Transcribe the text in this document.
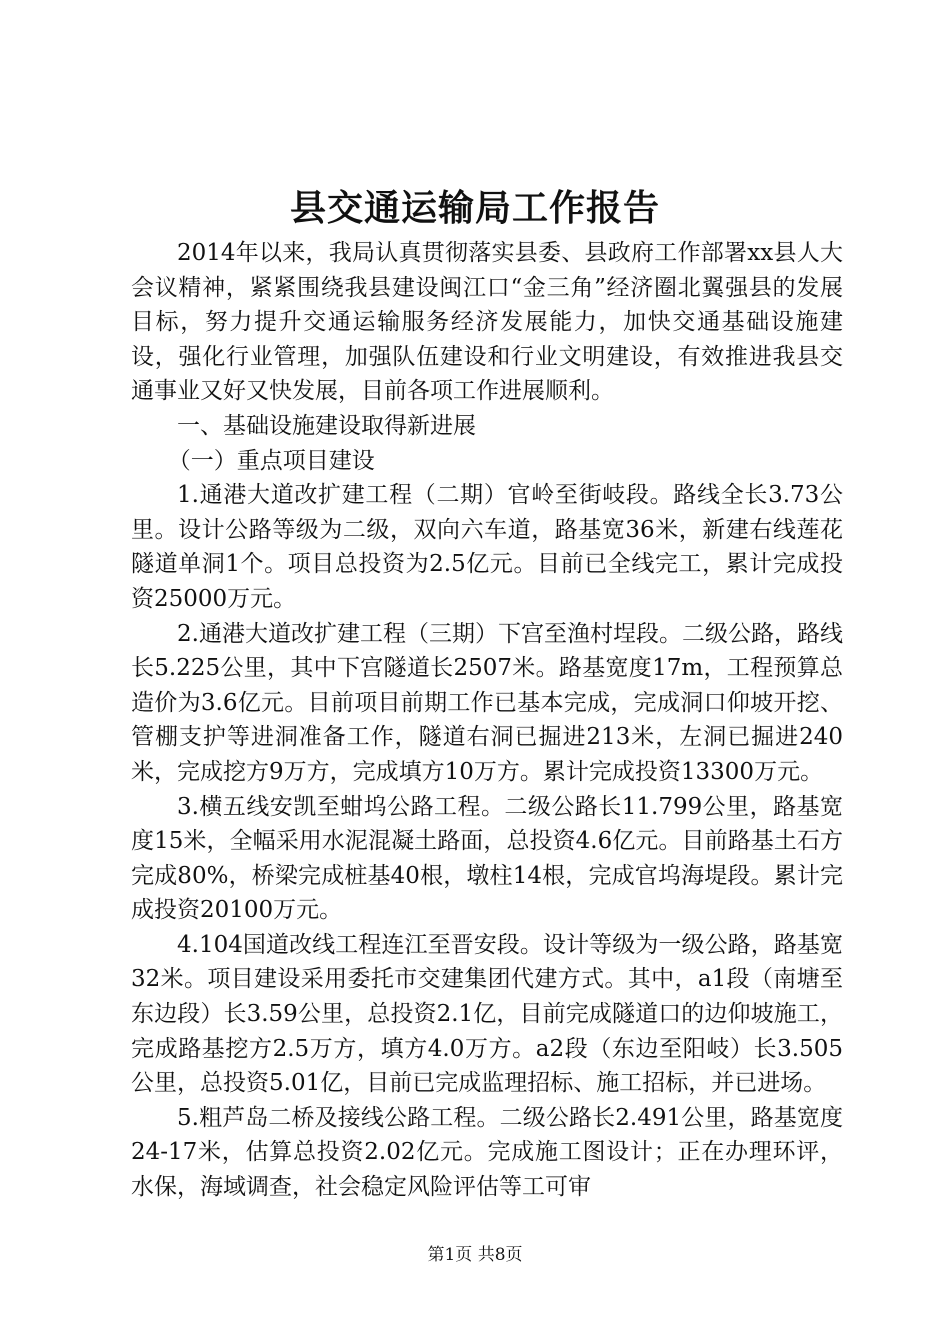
县交通运输局工作报告

2014年以来，我局认真贯彻落实县委、县政府工作部署xx县人大会议精神，紧紧围绕我县建设闽江口“金三角”经济圈北翼强县的发展目标，努力提升交通运输服务经济发展能力，加快交通基础设施建设，强化行业管理，加强队伍建设和行业文明建设，有效推进我县交通事业又好又快发展，目前各项工作进展顺利。

一、基础设施建设取得新进展

（一）重点项目建设

1.通港大道改扩建工程（二期）官岭至街岐段。路线全长3.73公里。设计公路等级为二级，双向六车道，路基宽36米，新建右线莲花隧道单洞1个。项目总投资为2.5亿元。目前已全线完工，累计完成投资25000万元。

2.通港大道改扩建工程（三期）下宫至渔村埕段。二级公路，路线长5.225公里，其中下宫隧道长2507米。路基宽度17m，工程预算总造价为3.6亿元。目前项目前期工作已基本完成，完成洞口仰坡开挖、管棚支护等进洞准备工作，隧道右洞已掘进213米，左洞已掘进240米，完成挖方9万方，完成填方10万方。累计完成投资13300万元。

3.横五线安凯至蚶坞公路工程。二级公路长11.799公里，路基宽度15米，全幅采用水泥混凝土路面，总投资4.6亿元。目前路基土石方完成80%，桥梁完成桩基40根，墩柱14根，完成官坞海堤段。累计完成投资20100万元。

4.104国道改线工程连江至晋安段。设计等级为一级公路，路基宽32米。项目建设采用委托市交建集团代建方式。其中，a1段（南塘至东边段）长3.59公里，总投资2.1亿，目前完成隧道口的边仰坡施工，完成路基挖方2.5万方，填方4.0万方。a2段（东边至阳岐）长3.505公里，总投资5.01亿，目前已完成监理招标、施工招标，并已进场。

5.粗芦岛二桥及接线公路工程。二级公路长2.491公里，路基宽度24-17米，估算总投资2.02亿元。完成施工图设计；正在办理环评，水保，海域调查，社会稳定风险评估等工可审

第1页 共8页
